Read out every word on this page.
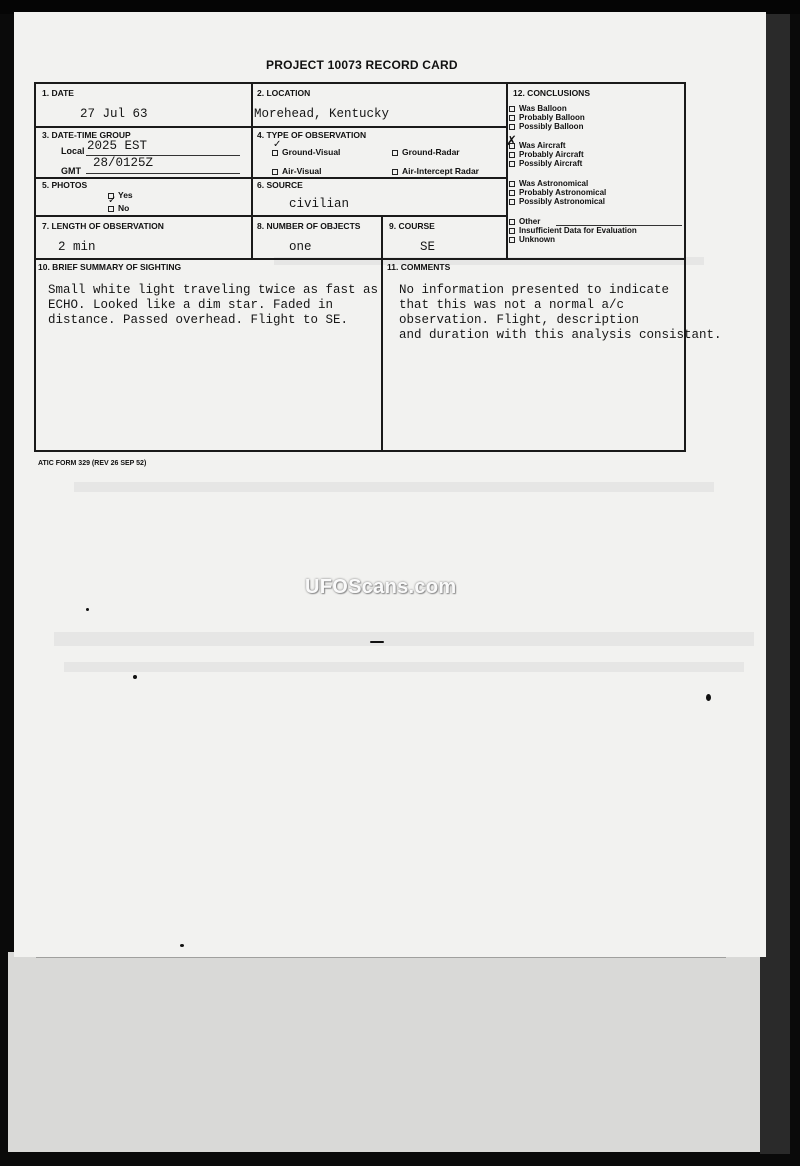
PROJECT 10073 RECORD CARD
1. DATE
27 Jul 63
2. LOCATION
Morehead, Kentucky
12. CONCLUSIONS
Was Balloon
Probably Balloon
Possibly Balloon
Was Aircraft
✗
Probably Aircraft
Possibly Aircraft
Was Astronomical
Probably Astronomical
Possibly Astronomical
Other
Insufficient Data for Evaluation
Unknown
3. DATE-TIME GROUP
Local 2025 EST
28/0125Z
GMT
4. TYPE OF OBSERVATION
Ground-Visual
✓
Ground-Radar
Air-Visual	Air-Intercept Radar
5. PHOTOS
Yes
No
✓
6. SOURCE
civilian
7. LENGTH OF OBSERVATION
2 min
8. NUMBER OF OBJECTS
one
9. COURSE
SE
10. BRIEF SUMMARY OF SIGHTING
Small white light traveling twice as fast as
ECHO. Looked like a dim star. Faded in
distance. Passed overhead. Flight to SE.
11. COMMENTS
No information presented to indicate
that this was not a normal a/c
observation. Flight, description
and duration with this analysis consistant.
ATIC FORM 329 (REV 26 SEP 52)
UFOScans.com
